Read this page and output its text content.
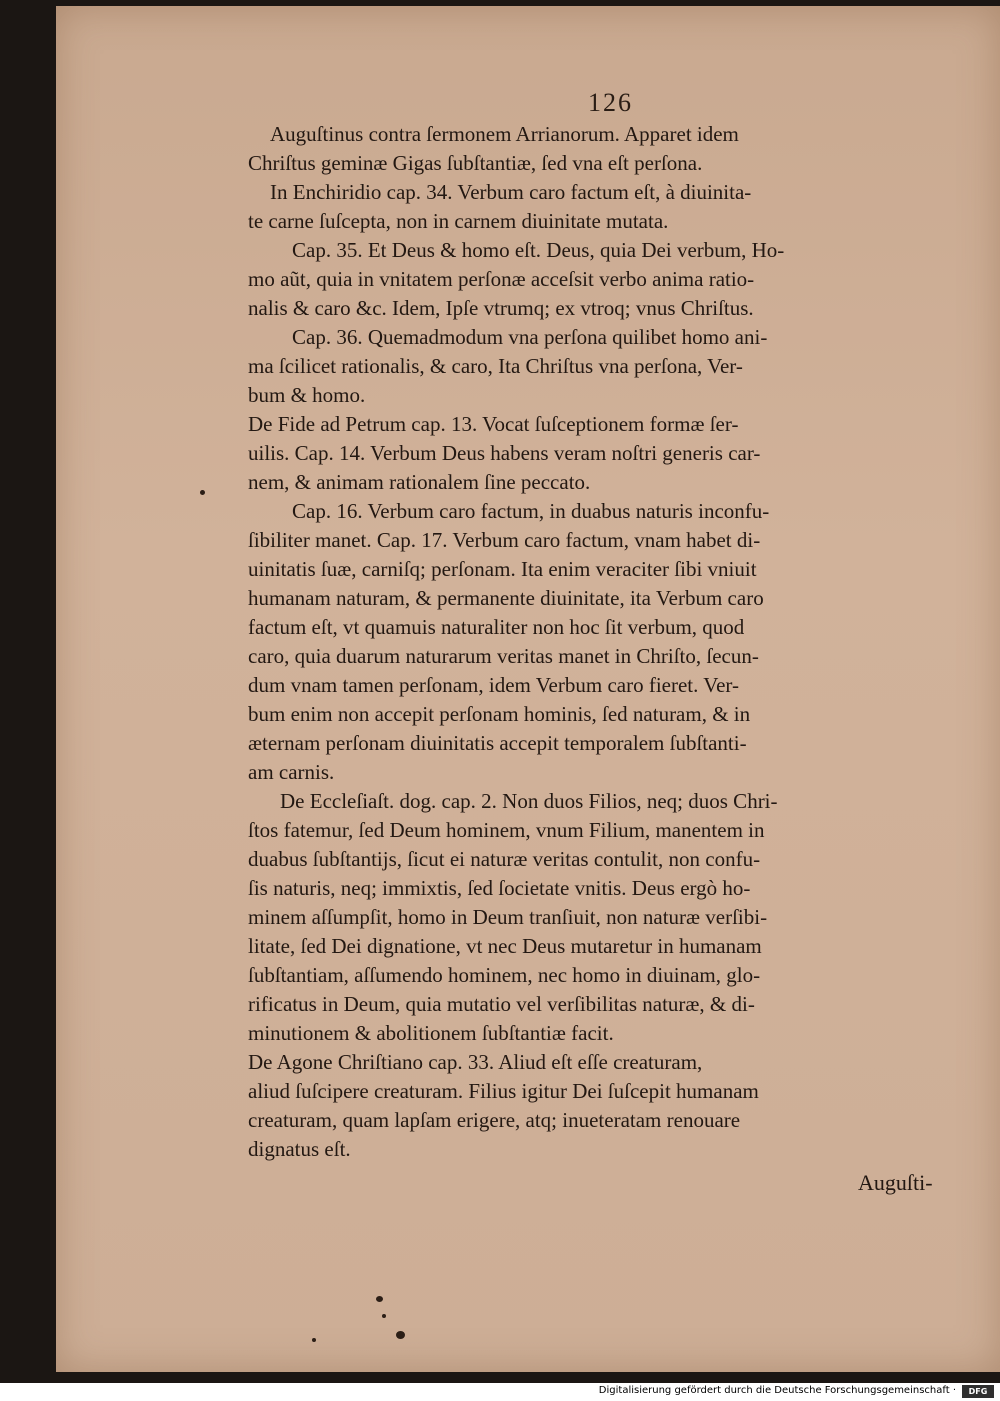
126
Auguſtinus contra ſermonem Arrianorum. Apparet idem
Chriſtus geminæ Gigas ſubſtantiæ, ſed vna eſt perſona.
In Enchiridio cap. 34. Verbum caro factum eſt, à diuinita-
te carne ſuſcepta, non in carnem diuinitate mutata.
Cap. 35. Et Deus & homo eſt. Deus, quia Dei verbum, Ho-
mo aũt, quia in vnitatem perſonæ acceſsit verbo anima ratio-
nalis & caro &c. Idem, Ipſe vtrumq; ex vtroq; vnus Chriſtus.
Cap. 36. Quemadmodum vna perſona quilibet homo ani-
ma ſcilicet rationalis, & caro, Ita Chriſtus vna perſona, Ver-
bum & homo.
De Fide ad Petrum cap. 13. Vocat ſuſceptionem formæ ſer-
uilis. Cap. 14. Verbum Deus habens veram noſtri generis car-
nem, & animam rationalem ſine peccato.
Cap. 16. Verbum caro factum, in duabus naturis inconfu-
ſibiliter manet. Cap. 17. Verbum caro factum, vnam habet di-
uinitatis ſuæ, carniſq; perſonam. Ita enim veraciter ſibi vniuit
humanam naturam, & permanente diuinitate, ita Verbum caro
factum eſt, vt quamuis naturaliter non hoc ſit verbum, quod
caro, quia duarum naturarum veritas manet in Chriſto, ſecun-
dum vnam tamen perſonam, idem Verbum caro fieret. Ver-
bum enim non accepit perſonam hominis, ſed naturam, & in
æternam perſonam diuinitatis accepit temporalem ſubſtanti-
am carnis.
De Eccleſiaſt. dog. cap. 2. Non duos Filios, neq; duos Chri-
ſtos fatemur, ſed Deum hominem, vnum Filium, manentem in
duabus ſubſtantijs, ſicut ei naturæ veritas contulit, non confu-
ſis naturis, neq; immixtis, ſed ſocietate vnitis. Deus ergò ho-
minem aſſumpſit, homo in Deum tranſiuit, non naturæ verſibi-
litate, ſed Dei dignatione, vt nec Deus mutaretur in humanam
ſubſtantiam, aſſumendo hominem, nec homo in diuinam, glo-
rificatus in Deum, quia mutatio vel verſibilitas naturæ, & di-
minutionem & abolitionem ſubſtantiæ facit.
De Agone Chriſtiano cap. 33. Aliud eſt eſſe creaturam,
aliud ſuſcipere creaturam. Filius igitur Dei ſuſcepit humanam
creaturam, quam lapſam erigere, atq; inueteratam renouare
dignatus eſt.
Auguſti-
Digitalisierung gefördert durch die Deutsche Forschungsgemeinschaft ·	DFG
